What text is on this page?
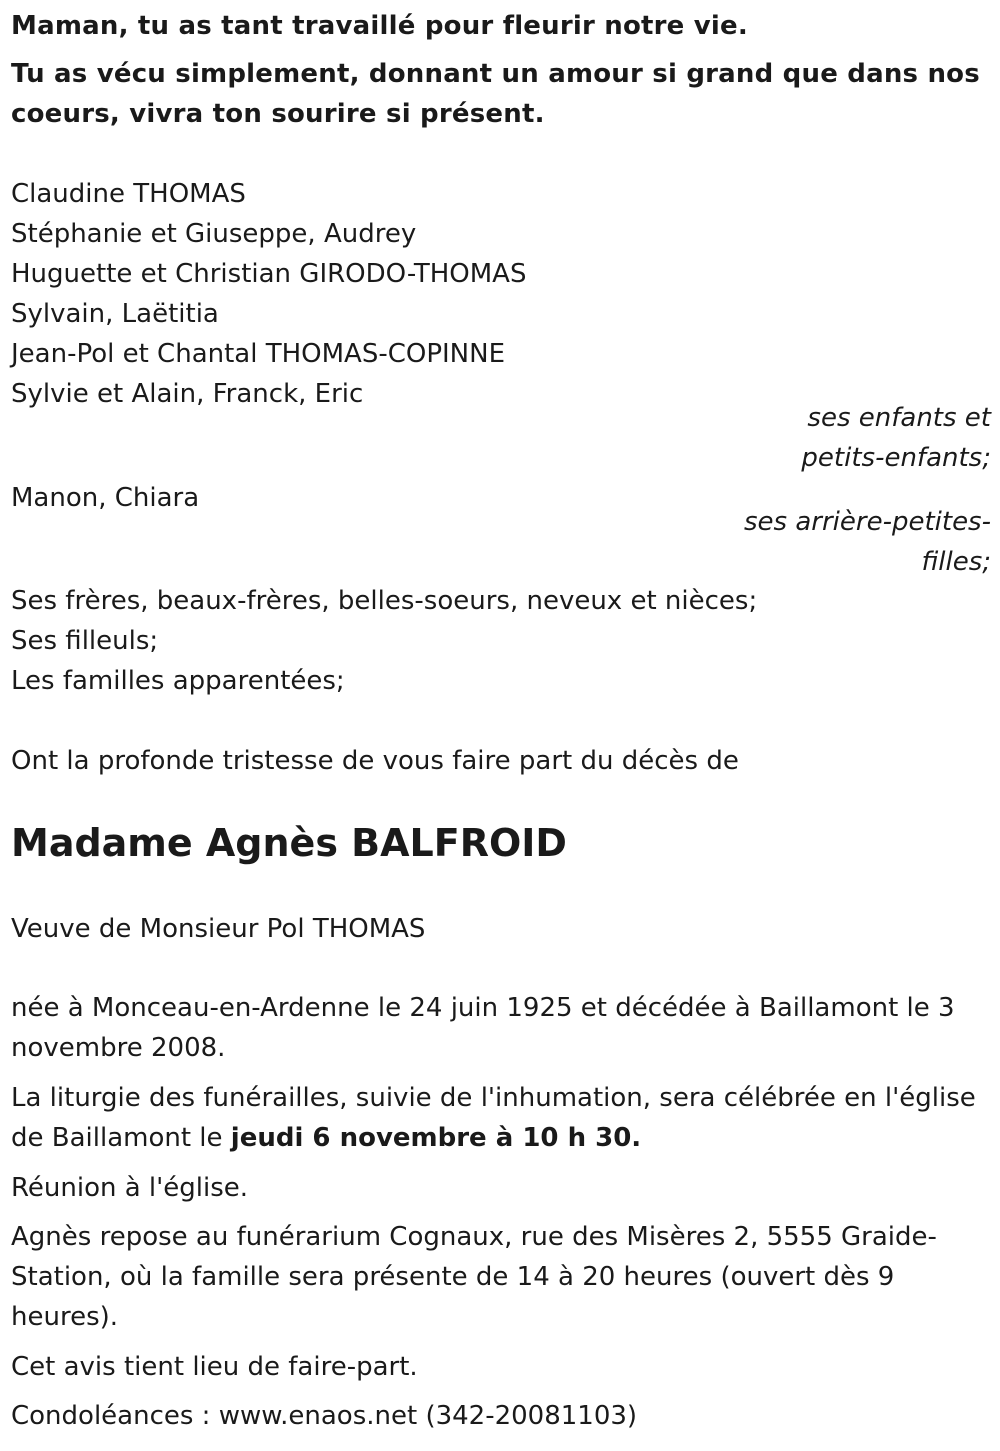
Maman, tu as tant travaillé pour fleurir notre vie.
Tu as vécu simplement, donnant un amour si grand que dans nos
coeurs, vivra ton sourire si présent.
Claudine THOMAS
Stéphanie et Giuseppe, Audrey
Huguette et Christian GIRODO-THOMAS
Sylvain, Laëtitia
Jean-Pol et Chantal THOMAS-COPINNE
Sylvie et Alain, Franck, Eric
ses enfants et
petits-enfants;
Manon, Chiara
ses arrière-petites-
filles;
Ses frères, beaux-frères, belles-soeurs, neveux et nièces;
Ses filleuls;
Les familles apparentées;
Ont la profonde tristesse de vous faire part du décès de
Madame Agnès BALFROID
Veuve de Monsieur Pol THOMAS
née à Monceau-en-Ardenne le 24 juin 1925 et décédée à Baillamont le 3
novembre 2008.
La liturgie des funérailles, suivie de l'inhumation, sera célébrée en l'église
de Baillamont le jeudi 6 novembre à 10 h 30.
Réunion à l'église.
Agnès repose au funérarium Cognaux, rue des Misères 2, 5555 Graide-
Station, où la famille sera présente de 14 à 20 heures (ouvert dès 9
heures).
Cet avis tient lieu de faire-part.
Condoléances : www.enaos.net (342-20081103)
